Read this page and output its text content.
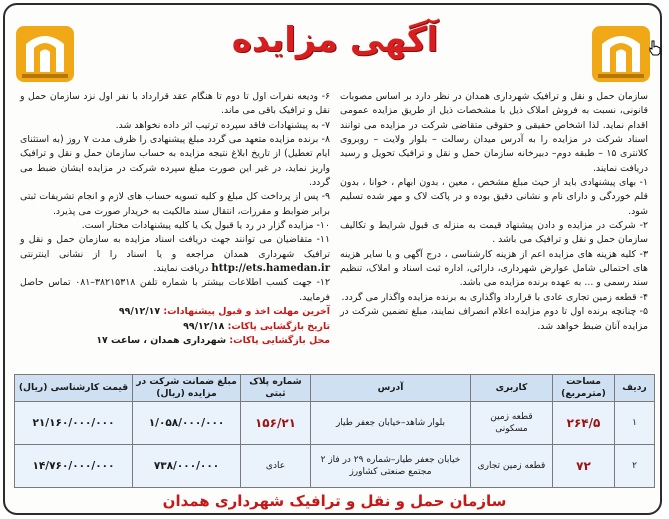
آگهی مزایده

سازمان حمل و نقل و ترافیک شهرداری همدان در نظر دارد بر اساس مصوبات قانونی، نسبت به فروش املاک ذیل با مشخصات ذیل از طریق مزایده عمومی اقدام نماید. لذا اشخاص حقیقی و حقوقی متقاضی شرکت در مزایده می توانند اسناد شرکت در مزایده را به آدرس میدان رسالت – بلوار ولایت – روبروی کلانتری ۱۵ – طبقه دوم– دبیرخانه سازمان حمل و نقل و ترافیک تحویل و رسید دریافت نمایند.

۱- بهای پیشنهادی باید از حیث مبلغ مشخص ، معین ، بدون ابهام ، خوانا ، بدون قلم خوردگی و دارای نام و نشانی دقیق بوده و در پاکت لاک و مهر شده تسلیم شود.

۲- شرکت در مزایده و دادن پیشنهاد قیمت به منزله ی قبول شرایط و تکالیف سازمان حمل و نقل و ترافیک می باشد .

۳- کلیه هزینه های مزایده اعم از هزینه کارشناسی ، درج آگهی و یا سایر هزینه های احتمالی شامل عوارض شهرداری، دارائی، اداره ثبت اسناد و املاک، تنظیم سند رسمی و ... به عهده برنده مزایده می باشد.

۴- قطعه زمین تجاری عادی با قرارداد واگذاری به برنده مزایده واگذار می گردد.

۵- چنانچه برنده اول تا دوم مزایده اعلام انصراف نمایند، مبلغ تضمین شرکت در مزایده آنان ضبط خواهد شد.

۶- ودیعه نفرات اول تا دوم تا هنگام عقد قرارداد با نفر اول نزد سازمان حمل و نقل و ترافیک باقی می ماند.

۷- به پیشنهادات فاقد سپرده ترتیب اثر داده نخواهد شد.

۸- برنده مزایده متعهد می گردد مبلغ پیشنهادی را ظرف مدت ۷ روز (به استثنای ایام تعطیل) از تاریخ ابلاغ نتیجه مزایده به حساب سازمان حمل و نقل و ترافیک واریز نماید، در غیر این صورت مبلغ سپرده شرکت در مزایده ایشان ضبط می گردد.

۹- پس از پرداخت کل مبلغ و کلیه تسویه حساب های لازم و انجام تشریفات ثبتی برابر ضوابط و مقررات، انتقال سند مالکیت به خریدار صورت می پذیرد.

۱۰- مزایده گزار در رد یا قبول یک یا کلیه پیشنهادات مختار است.

۱۱- متقاضیان می توانند جهت دریافت اسناد مزایده به سازمان حمل و نقل و ترافیک شهرداری همدان مراجعه و یا اسناد را از نشانی اینترنتی http://ets.hamedan.ir دریافت نمایند.

۱۲- جهت کسب اطلاعات بیشتر با شماره تلفن ۳۸۲۱۵۳۱۸–۰۸۱ تماس حاصل فرمایید.

آخرین مهلت اخذ و قبول پیشنهادات: ۹۹/۱۲/۱۷

تاریخ بازگشایی پاکات: ۹۹/۱۲/۱۸

محل بازگشایی پاکات: شهرداری همدان ، ساعت ۱۷

ردیف	مساحت (مترمربع)	کاربری	آدرس	شماره پلاک ثبتی	مبلغ ضمانت شرکت در مزایده (ریال)	قیمت کارشناسی (ریال)
۱	۲۶۴/۵	قطعه زمین مسکونی	بلوار شاهد–خیابان جعفر طیار	۱۵۶/۲۱	۱/۰۵۸/۰۰۰/۰۰۰	۲۱/۱۶۰/۰۰۰/۰۰۰
۲	۷۲	قطعه زمین تجاری	خیابان جعفر طیار–شماره ۲۹ در فاز ۲ مجتمع صنعتی کشاورز	عادی	۷۳۸/۰۰۰/۰۰۰	۱۴/۷۶۰/۰۰۰/۰۰۰
سازمان حمل و نقل و ترافیک شهرداری همدان
